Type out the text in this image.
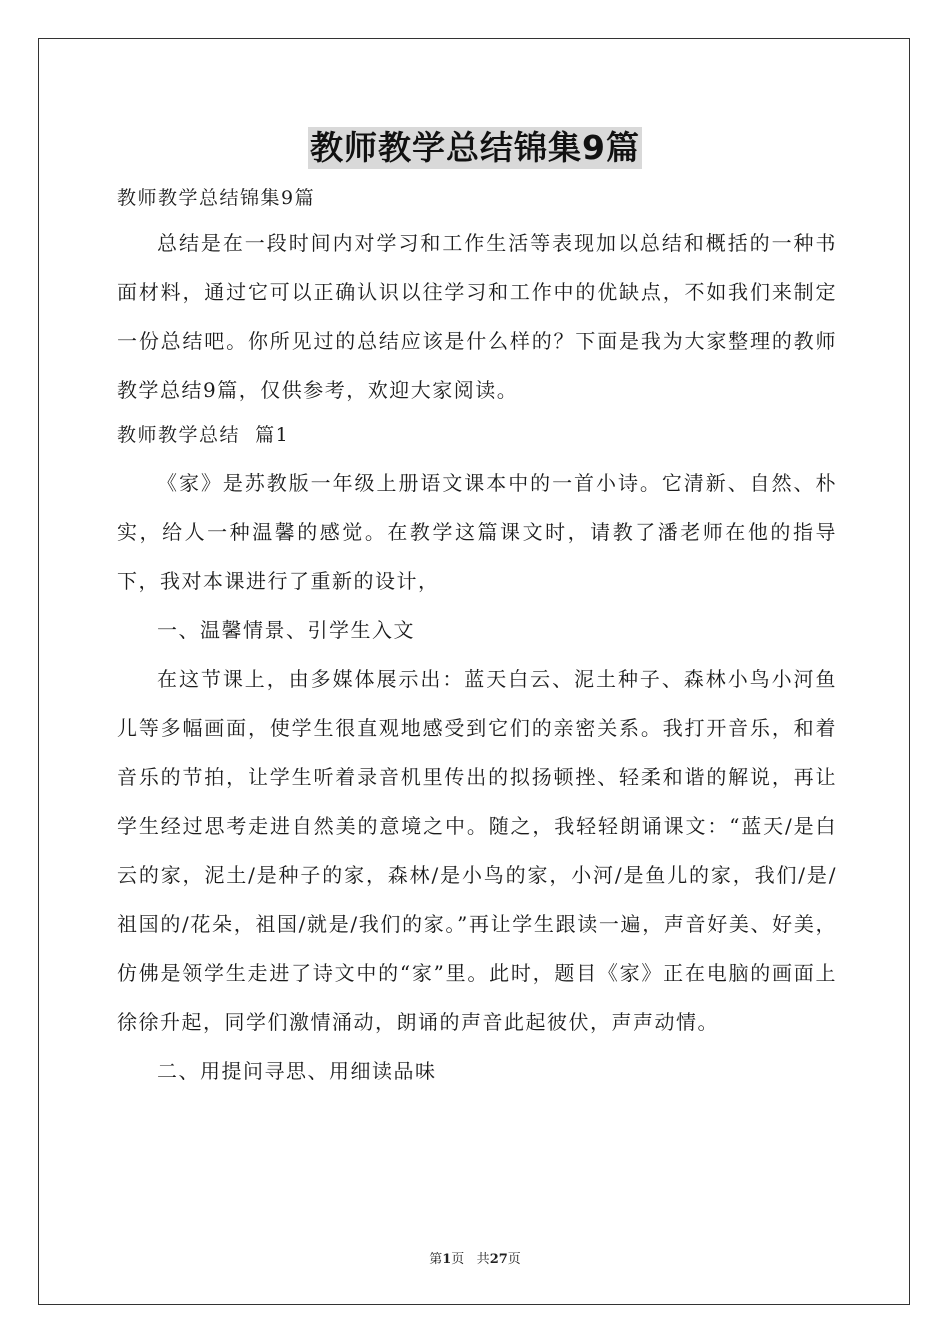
教师教学总结锦集9篇

教师教学总结锦集9篇

总结是在一段时间内对学习和工作生活等表现加以总结和概括的一种书面材料，通过它可以正确认识以往学习和工作中的优缺点，不如我们来制定一份总结吧。你所见过的总结应该是什么样的？下面是我为大家整理的教师教学总结9篇，仅供参考，欢迎大家阅读。

教师教学总结  篇1

《家》是苏教版一年级上册语文课本中的一首小诗。它清新、自然、朴实，给人一种温馨的感觉。在教学这篇课文时，请教了潘老师在他的指导下，我对本课进行了重新的设计，

一、温馨情景、引学生入文

在这节课上，由多媒体展示出：蓝天白云、泥土种子、森林小鸟小河鱼儿等多幅画面，使学生很直观地感受到它们的亲密关系。我打开音乐，和着音乐的节拍，让学生听着录音机里传出的拟扬顿挫、轻柔和谐的解说，再让学生经过思考走进自然美的意境之中。随之，我轻轻朗诵课文：“蓝天/是白云的家，泥土/是种子的家，森林/是小鸟的家，小河/是鱼儿的家，我们/是/祖国的/花朵，祖国/就是/我们的家。”再让学生跟读一遍，声音好美、好美，仿佛是领学生走进了诗文中的“家”里。此时，题目《家》正在电脑的画面上徐徐升起，同学们激情涌动，朗诵的声音此起彼伏，声声动情。

二、用提问寻思、用细读品味

第1页 共27页
